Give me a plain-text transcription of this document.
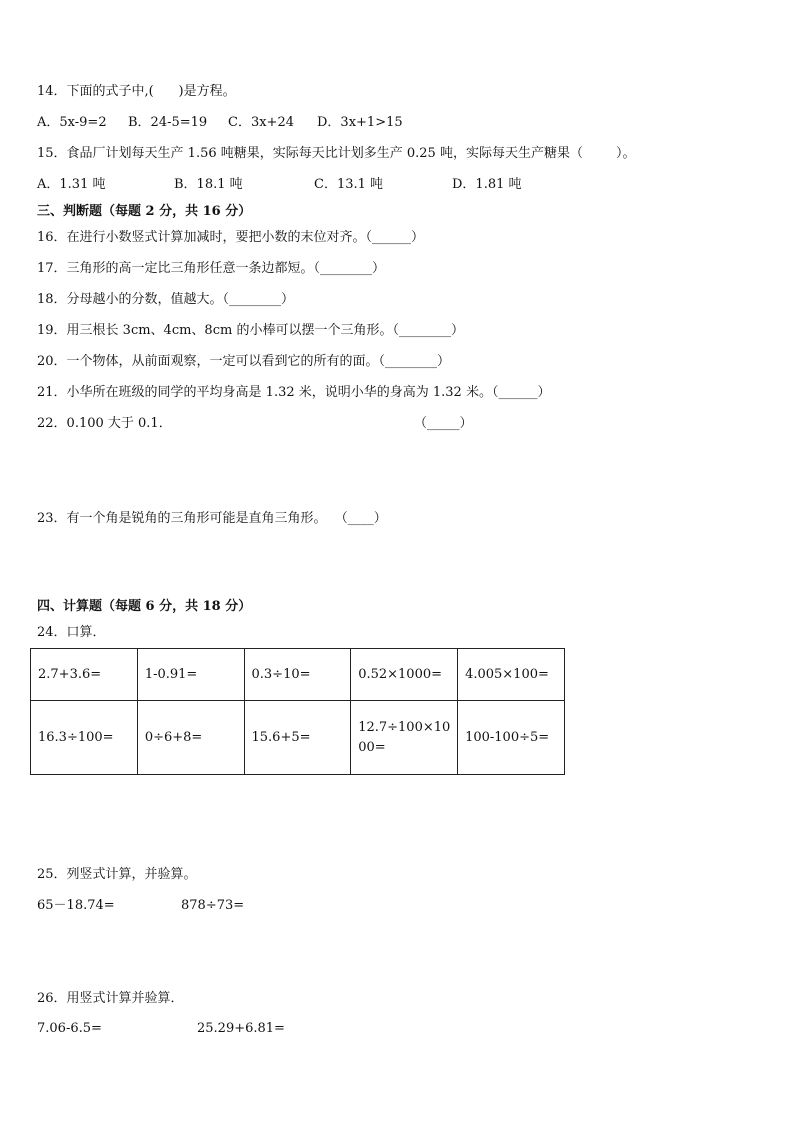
14．下面的式子中,(      )是方程。
A．5x-9=2 B．24-5=19 C．3x+24 D．3x+1>15
15．食品厂计划每天生产 1.56 吨糖果，实际每天比计划多生产 0.25 吨，实际每天生产糖果（        ）。
A．1.31 吨	B．18.1 吨	C．13.1 吨	D．1.81 吨
三、判断题（每题 2 分，共 16 分）
16．在进行小数竖式计算加减时，要把小数的末位对齐。（______）
17．三角形的高一定比三角形任意一条边都短。（________）
18．分母越小的分数，值越大。（________）
19．用三根长 3cm、4cm、8cm 的小棒可以摆一个三角形。（________）
20．一个物体，从前面观察，一定可以看到它的所有的面。（________）
21．小华所在班级的同学的平均身高是 1.32 米，说明小华的身高为 1.32 米。（______）
22．0.100 大于 0.1．	（_____）
23．有一个角是锐角的三角形可能是直角三角形。  （____）
四、计算题（每题 6 分，共 18 分）
24．口算．
2.7+3.6=	1-0.91=	0.3÷10=	0.52×1000=	4.005×100=
16.3÷100=	0÷6+8=	15.6+5=	12.7÷100×1000=	100-100÷5=
25．列竖式计算，并验算。
65－18.74=	878÷73=
26．用竖式计算并验算．
7.06-6.5=	25.29+6.81=
